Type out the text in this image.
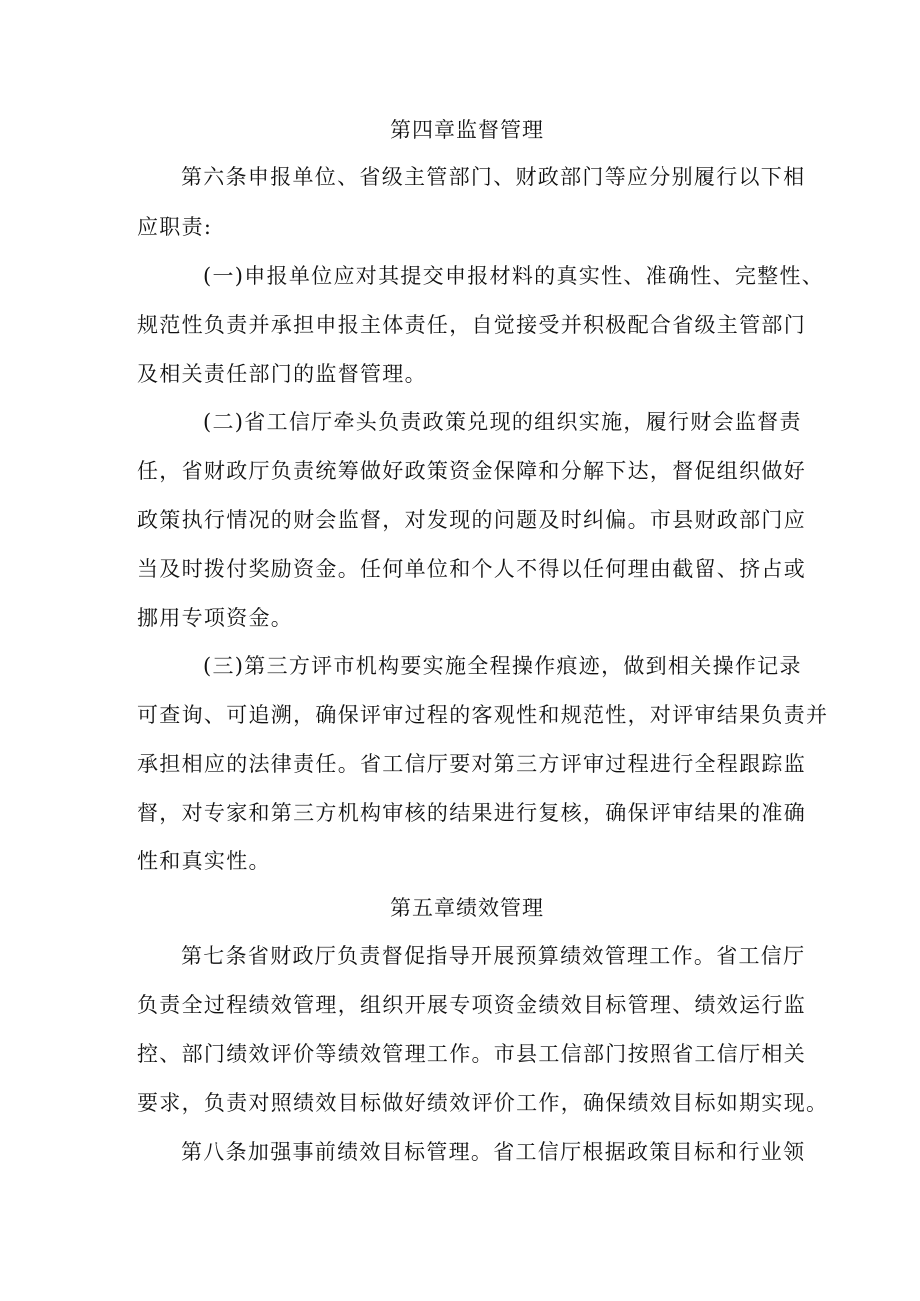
第四章监督管理
第六条申报单位、省级主管部门、财政部门等应分别履行以下相
应职责:
(一)申报单位应对其提交申报材料的真实性、准确性、完整性、
规范性负责并承担申报主体责任，自觉接受并积极配合省级主管部门
及相关责任部门的监督管理。
(二)省工信厅牵头负责政策兑现的组织实施，履行财会监督责
任，省财政厅负责统筹做好政策资金保障和分解下达，督促组织做好
政策执行情况的财会监督，对发现的问题及时纠偏。市县财政部门应
当及时拨付奖励资金。任何单位和个人不得以任何理由截留、挤占或
挪用专项资金。
(三)第三方评市机构要实施全程操作痕迹，做到相关操作记录
可查询、可追溯，确保评审过程的客观性和规范性，对评审结果负责并
承担相应的法律责任。省工信厅要对第三方评审过程进行全程跟踪监
督，对专家和第三方机构审核的结果进行复核，确保评审结果的准确
性和真实性。
第五章绩效管理
第七条省财政厅负责督促指导开展预算绩效管理工作。省工信厅
负责全过程绩效管理，组织开展专项资金绩效目标管理、绩效运行监
控、部门绩效评价等绩效管理工作。市县工信部门按照省工信厅相关
要求，负责对照绩效目标做好绩效评价工作，确保绩效目标如期实现。
第八条加强事前绩效目标管理。省工信厅根据政策目标和行业领
